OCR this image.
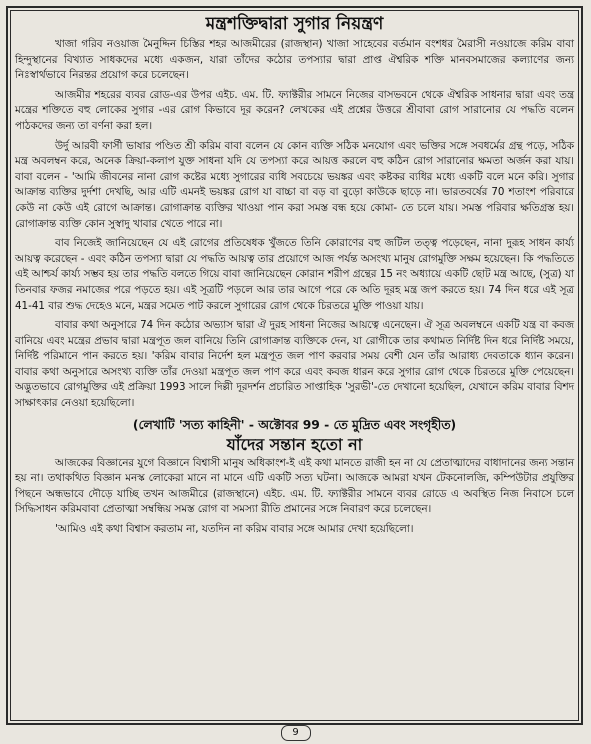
মন্ত্রশক্তিদ্বারা সুগার নিয়ন্ত্রণ

খাজা গরিব নওয়াজ মৈনুদ্দিন চিস্তির শহর আজমীরের (রাজস্থান) খাজা সাহেবের বর্তমান বংশধর মৈরাসী নওয়াজে করিম বাবা হিন্দুস্থানের বিখ্যাত সাধকদের মধ্যে একজন, যারা তাঁদের কঠোর তপস্যার দ্বারা প্রাপ্ত ঐশ্বরিক শক্তি মানবসমাজের কল্যাণের জন্য নিঃস্বার্থভাবে নিরন্তর প্রয়োগ করে চলেছেন।

আজমীর শহরের ব্যবর রোড-এর উপর এইচ. এম. টি. ফ্যাক্টরীর সামনে নিজের বাসভবনে থেকে ঐশ্বরিক সাধনার দ্বারা এবং তন্ত্র মন্ত্রের শক্তিতে বহু লোকের সুগার -এর রোগ কিভাবে দূর করেন? লেখকের এই প্রশ্নের উত্তরে শ্রীবাবা রোগ সারানোর যে পদ্ধতি বলেন পাঠকদের জন্য তা বর্ণনা করা হল।

উর্দু আরবী ফার্সী ভাষার পণ্ডিত শ্রী করিম বাবা বলেন যে কোন ব্যক্তি সঠিক মনযোগ এবং ভক্তির সঙ্গে সবধর্মের গ্রন্থ পড়ে, সঠিক মন্ত্র অবলম্বন করে, অনেক ক্রিয়া-কলাপ যুক্ত সাধনা যদি যে তপস্যা করে আয়ত্ত করলে বহু কঠিন রোগ সারানোর ক্ষমতা অর্জন করা যায়। বাবা বলেন - 'আমি জীবনের নানা রোগ কষ্টের মধ্যে সুগারের ব্যধি সবচেয়ে ভয়ঙ্কর এবং কষ্টকর ব্যধির মধ্যে একটি বলে মনে করি। সুগার আক্রান্ত ব্যক্তির দুর্দশা দেখছি, আর এটি এমনই ভয়ঙ্কর রোগ যা বাচ্চা বা বড় বা বুড়ো কাউকে ছাড়ে না। ভারতবর্ষের 70 শতাংশ পরিবারে কেউ না কেউ এই রোগে আক্রান্ত। রোগাক্রান্ত ব্যক্তির খাওয়া পান করা সমস্ত বন্ধ হয়ে কোমা- তে চলে যায়। সমস্ত পরিবার ক্ষতিগ্রস্ত হয়। রোগাক্রান্ত ব্যক্তি কোন সুস্বাদু খাবার খেতে পারে না।

বাব নিজেই জানিয়েছেন যে এই রোগের প্রতিষেধক খুঁজতে তিনি কোরাণের বহু জটিল তত্ত্ব পড়েছেন, নানা দুরূহ সাধন কার্য্য আয়ত্ব করেছেন - এবং কঠিন তপস্যা দ্বারা যে পদ্ধতি আয়ত্ব তার প্রয়োগে আজ পর্যন্ত অসংখ্য মানুষ রোগমুক্তি সক্ষম হয়েছেন। কি পদ্ধতিতে এই আশ্চর্য কার্য্য সম্ভব হয় তার পদ্ধতি বলতে গিয়ে বাবা জানিয়েছেন কোরান শরীপ গ্রন্থের 15 নং অধ্যায়ে একটি ছোট মন্ত্র আছে, (সুত্র) যা তিনবার ফজর নমাজের পরে পড়তে হয়। এই সূত্রটি পড়লে আর তার আগে পরে কে অতি দূরহ মন্ত্র জপ করতে হয়। 74 দিন ধরে এই সূত্র 41-41 বার শুদ্ধ দেহেও মনে, মন্ত্রর সমেত পাট করলে সুগারের রোগ থেকে চিরতরে মুক্তি পাওয়া যায়।

বাবার কথা অনুসারে 74 দিন কঠোর অভ্যাস দ্বারা ঐ দুরহ সাধনা নিজের আয়ত্বে এনেছেন। ঐ সূত্র অবলম্বনে একটি যন্ত্র বা কবজ বানিয়ে এবং মন্ত্রের প্রভাব দ্বারা মন্ত্রপূত জল বানিয়ে তিনি রোগাক্রান্ত ব্যক্তিকে দেন, যা রোগীকে তার কথামত নির্দিষ্ট দিন ধরে নির্দিষ্ট সময়ে, নির্দিষ্ট পরিমানে পান করতে হয়। 'করিম বাবার নির্দেশ হল মন্ত্রপূত জল পাণ করবার সময় বেশী যেন তাঁর আরাধ্য দেবতাকে ধ্যান করেন। বাবার কথা অনুসারে অসংখ্য ব্যক্তি তাঁর দেওয়া মন্ত্রপূত জল পাণ করে এবং কবজ ধারন করে সুগার রোগ থেকে চিরতরে মুক্তি পেয়েছেন। অদ্ভুতভাবে রোগমুক্তির এই প্রক্রিয়া 1993 সালে দিল্লী দূরদর্শন প্রচারিত সাপ্তাহিক 'সুরভী'-তে দেখানো হয়েছিল, যেখানে করিম বাবার বিশদ সাক্ষাৎকার নেওয়া হয়েছিলো।

(লেখাটি 'সত্য কাহিনী' - অক্টোবর 99 - তে মুদ্রিত এবং সংগৃহীত)
যাঁদের সন্তান হতো না

আজকের বিজ্ঞানের যুগে বিজ্ঞানে বিশ্বাসী মানুষ অধিকাংশ-ই এই কথা মানতে রাজী হন না যে প্রেতাত্মাদের বাধাদানের জন্য সন্তান হয় না। তথাকথিত বিজ্ঞান মনস্ক লোকেরা মানে না মানে এটি একটি সত্য ঘটনা। আজকে আমরা যখন টেকনোলজি, কম্পিউটার প্রযুক্তির পিছনে অন্ধভাবে দৌড়ে যাচ্ছি তখন আজমীরে (রাজস্থানে) এইচ. এম. টি. ফ্যাক্টরীর সামনে ব্যবর রোডে এ অবস্থিত নিজ নিবাসে চলে সিদ্ধিসাধন করিমবাবা প্রেতাত্মা সম্বন্ধিয় সমস্ত রোগ বা সমস্যা রীতি প্রমানের সঙ্গে নিবারণ করে চলেছেন।

'আমিও এই কথা বিশ্বাস করতাম না, যতদিন না করিম বাবার সঙ্গে আমার দেখা হয়েছিলো।

9
